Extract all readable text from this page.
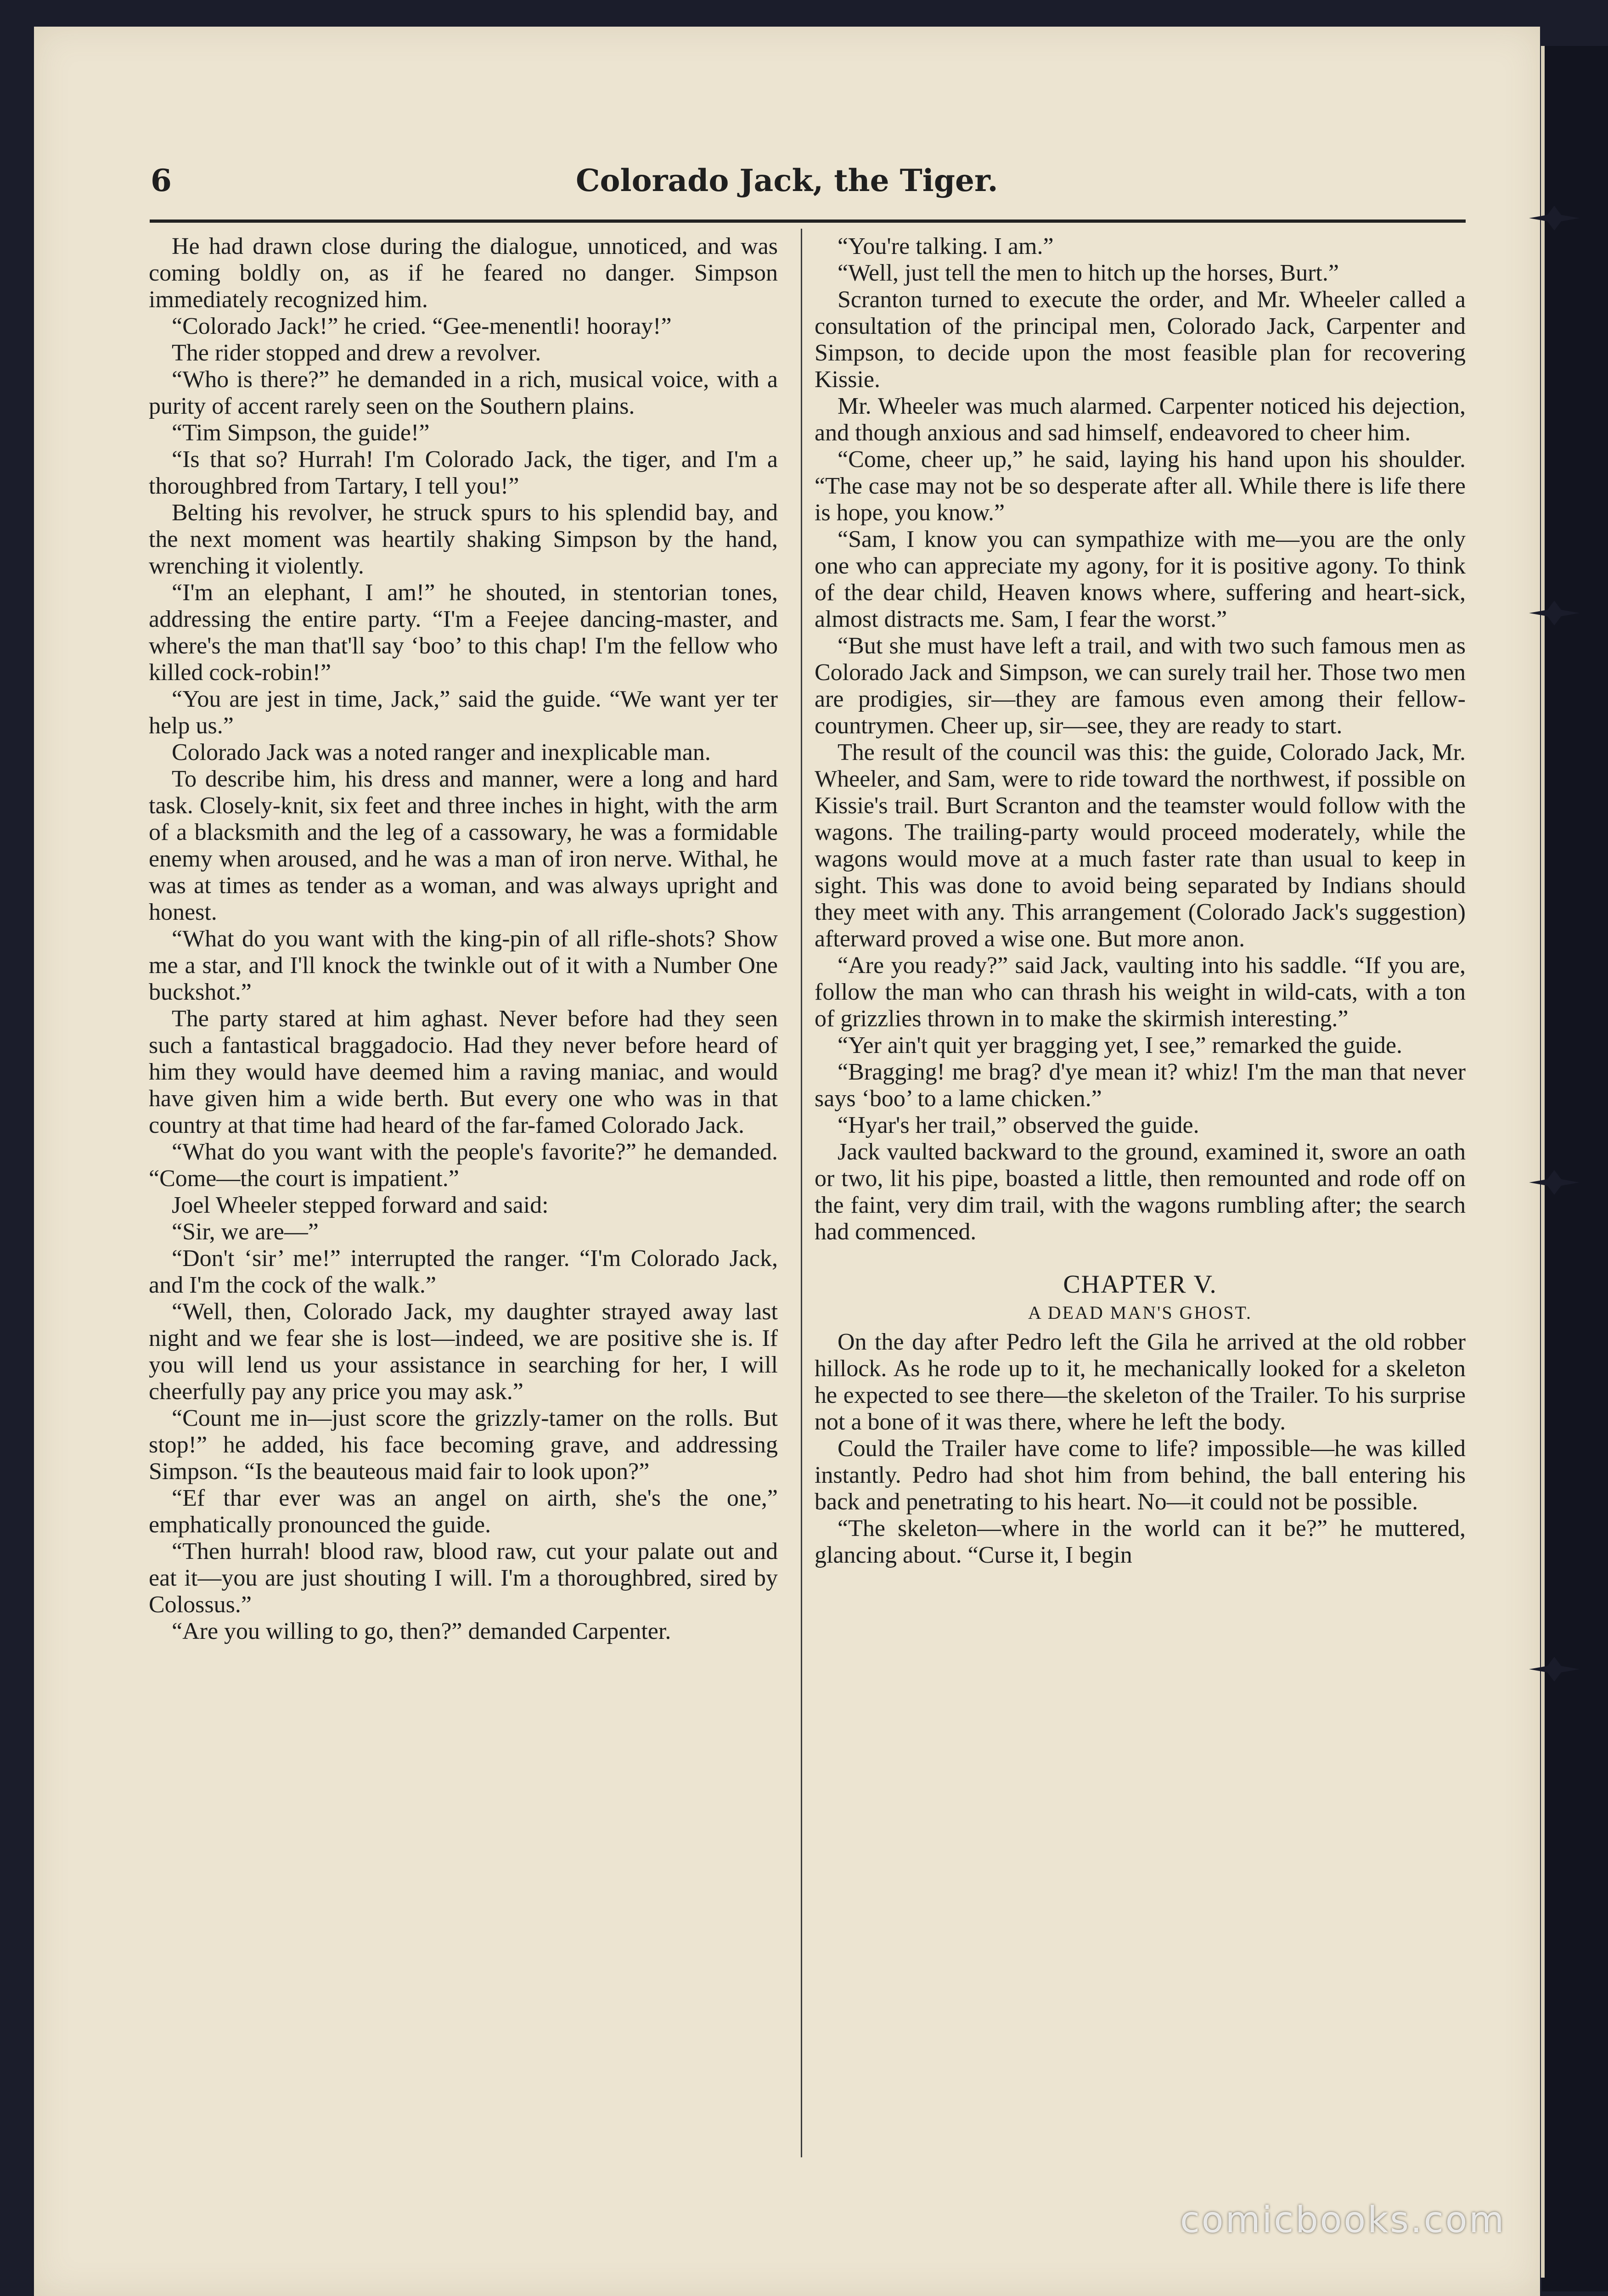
6	Colorado Jack, the Tiger.

He had drawn close during the dialogue, unnoticed, and was coming boldly on, as if he feared no danger. Simpson immediately recognized him.

“Colorado Jack!” he cried. “Gee-menentli! hooray!”

The rider stopped and drew a revolver.

“Who is there?” he demanded in a rich, musical voice, with a purity of accent rarely seen on the Southern plains.

“Tim Simpson, the guide!”

“Is that so? Hurrah! I'm Colorado Jack, the tiger, and I'm a thoroughbred from Tartary, I tell you!”

Belting his revolver, he struck spurs to his splendid bay, and the next moment was heartily shaking Simpson by the hand, wrenching it violently.

“I'm an elephant, I am!” he shouted, in stentorian tones, addressing the entire party. “I'm a Feejee dancing-master, and where's the man that'll say ‘boo’ to this chap! I'm the fellow who killed cock-robin!”

“You are jest in time, Jack,” said the guide. “We want yer ter help us.”

Colorado Jack was a noted ranger and inexplicable man.

To describe him, his dress and manner, were a long and hard task. Closely-knit, six feet and three inches in hight, with the arm of a blacksmith and the leg of a cassowary, he was a formidable enemy when aroused, and he was a man of iron nerve. Withal, he was at times as tender as a woman, and was always upright and honest.

“What do you want with the king-pin of all rifle-shots? Show me a star, and I'll knock the twinkle out of it with a Number One buckshot.”

The party stared at him aghast. Never before had they seen such a fantastical braggadocio. Had they never before heard of him they would have deemed him a raving maniac, and would have given him a wide berth. But every one who was in that country at that time had heard of the far-famed Colorado Jack.

“What do you want with the people's favorite?” he demanded. “Come—the court is impatient.”

Joel Wheeler stepped forward and said:

“Sir, we are—”

“Don't ‘sir’ me!” interrupted the ranger. “I'm Colorado Jack, and I'm the cock of the walk.”

“Well, then, Colorado Jack, my daughter strayed away last night and we fear she is lost—indeed, we are positive she is. If you will lend us your assistance in searching for her, I will cheerfully pay any price you may ask.”

“Count me in—just score the grizzly-tamer on the rolls. But stop!” he added, his face becoming grave, and addressing Simpson. “Is the beauteous maid fair to look upon?”

“Ef thar ever was an angel on airth, she's the one,” emphatically pronounced the guide.

“Then hurrah! blood raw, blood raw, cut your palate out and eat it—you are just shouting I will. I'm a thoroughbred, sired by Colossus.”

“Are you willing to go, then?” demanded Carpenter.

“You're talking. I am.”

“Well, just tell the men to hitch up the horses, Burt.”

Scranton turned to execute the order, and Mr. Wheeler called a consultation of the principal men, Colorado Jack, Carpenter and Simpson, to decide upon the most feasible plan for recovering Kissie.

Mr. Wheeler was much alarmed. Carpenter noticed his dejection, and though anxious and sad himself, endeavored to cheer him.

“Come, cheer up,” he said, laying his hand upon his shoulder. “The case may not be so desperate after all. While there is life there is hope, you know.”

“Sam, I know you can sympathize with me—you are the only one who can appreciate my agony, for it is positive agony. To think of the dear child, Heaven knows where, suffering and heart-sick, almost distracts me. Sam, I fear the worst.”

“But she must have left a trail, and with two such famous men as Colorado Jack and Simpson, we can surely trail her. Those two men are prodigies, sir—they are famous even among their fellow-countrymen. Cheer up, sir—see, they are ready to start.

The result of the council was this: the guide, Colorado Jack, Mr. Wheeler, and Sam, were to ride toward the northwest, if possible on Kissie's trail. Burt Scranton and the teamster would follow with the wagons. The trailing-party would proceed moderately, while the wagons would move at a much faster rate than usual to keep in sight. This was done to avoid being separated by Indians should they meet with any. This arrangement (Colorado Jack's suggestion) afterward proved a wise one. But more anon.

“Are you ready?” said Jack, vaulting into his saddle. “If you are, follow the man who can thrash his weight in wild-cats, with a ton of grizzlies thrown in to make the skirmish interesting.”

“Yer ain't quit yer bragging yet, I see,” remarked the guide.

“Bragging! me brag? d'ye mean it? whiz! I'm the man that never says ‘boo’ to a lame chicken.”

“Hyar's her trail,” observed the guide.

Jack vaulted backward to the ground, examined it, swore an oath or two, lit his pipe, boasted a little, then remounted and rode off on the faint, very dim trail, with the wagons rumbling after; the search had commenced.

CHAPTER V.
A DEAD MAN'S GHOST.

On the day after Pedro left the Gila he arrived at the old robber hillock. As he rode up to it, he mechanically looked for a skeleton he expected to see there—the skeleton of the Trailer. To his surprise not a bone of it was there, where he left the body.

Could the Trailer have come to life? impossible—he was killed instantly. Pedro had shot him from behind, the ball entering his back and penetrating to his heart. No—it could not be possible.

“The skeleton—where in the world can it be?” he muttered, glancing about. “Curse it, I begin

comicbooks.com
